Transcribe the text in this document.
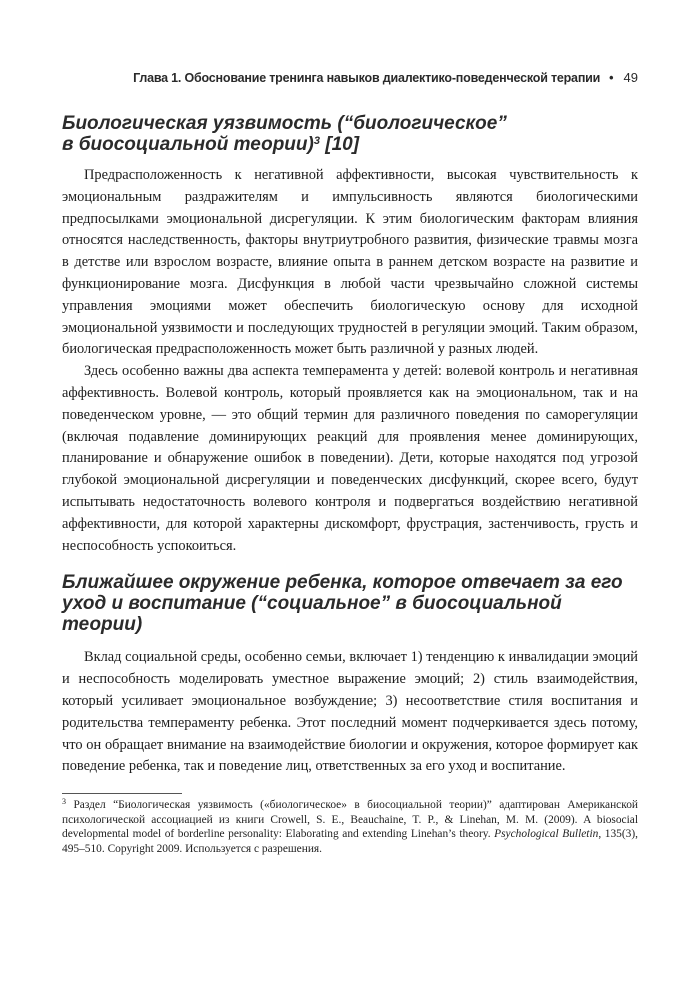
Глава 1. Обоснование тренинга навыков диалектико-поведенческой терапии • 49
Биологическая уязвимость (“биологическое”
в биосоциальной теории)$^3$ [10]

Предрасположенность к негативной аффективности, высокая чувствительность к эмоциональным раздражителям и импульсивность являются биологическими предпосылками эмоциональной дисрегуляции. К этим биологическим факторам влияния относятся наследственность, факторы внутриутробного развития, физические травмы мозга в детстве или взрослом возрасте, влияние опыта в раннем детском возрасте на развитие и функционирование мозга. Дисфункция в любой части чрезвычайно сложной системы управления эмоциями может обеспечить биологическую основу для исходной эмоциональной уязвимости и последующих трудностей в регуляции эмоций. Таким образом, биологическая предрасположенность может быть различной у разных людей.

Здесь особенно важны два аспекта темперамента у детей: волевой контроль и негативная аффективность. Волевой контроль, который проявляется как на эмоциональном, так и на поведенческом уровне, — это общий термин для различного поведения по саморегуляции (включая подавление доминирующих реакций для проявления менее доминирующих, планирование и обнаружение ошибок в поведении). Дети, которые находятся под угрозой глубокой эмоциональной дисрегуляции и поведенческих дисфункций, скорее всего, будут испытывать недостаточность волевого контроля и подвергаться воздействию негативной аффективности, для которой характерны дискомфорт, фрустрация, застенчивость, грусть и неспособность успокоиться.

Ближайшее окружение ребенка, которое отвечает за его
уход и воспитание (“социальное” в биосоциальной теории)

Вклад социальной среды, особенно семьи, включает 1) тенденцию к инвалидации эмоций и неспособность моделировать уместное выражение эмоций; 2) стиль взаимодействия, который усиливает эмоциональное возбуждение; 3) несоответствие стиля воспитания и родительства темпераменту ребенка. Этот последний момент подчеркивается здесь потому, что он обращает внимание на взаимодействие биологии и окружения, которое формирует как поведение ребенка, так и поведение лиц, ответственных за его уход и воспитание.

$^3$ Раздел “Биологическая уязвимость («биологическое» в биосоциальной теории)” адаптирован Американской психологической ассоциацией из книги Crowell, S. E., Beauchaine, T. P., & Linehan, M. M. (2009). A biosocial developmental model of borderline personality: Elaborating and extending Linehan’s theory. Psychological Bulletin, 135(3), 495–510. Copyright 2009. Используется с разрешения.
